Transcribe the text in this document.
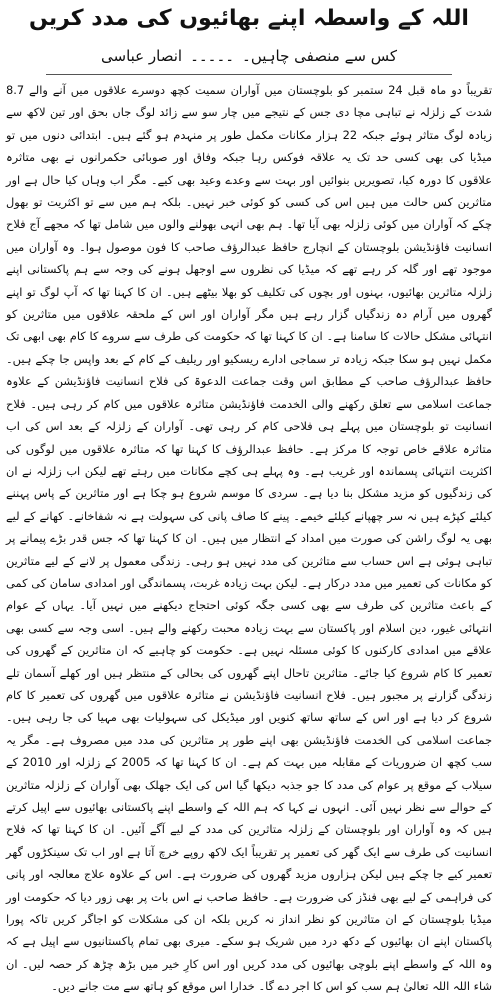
اللہ کے واسطہ اپنے بھائیوں کی مدد کریں
کس سے منصفی چاہیں۔
۔۔۔۔۔
انصار عباسی

تقریباً دو ماہ قبل 24 ستمبر کو بلوچستان میں آواران سمیت کچھ دوسرے علاقوں میں آنے والے 8.7 شدت کے زلزلہ نے تباہی مچا دی جس کے نتیجے میں چار سو سے زائد لوگ جاں بحق اور تین لاکھ سے زیادہ لوگ متاثر ہوئے جبکہ 22 ہزار مکانات مکمل طور پر منہدم ہو گئے ہیں۔ ابتدائی دنوں میں تو میڈیا کی بھی کسی حد تک یہ علاقہ فوکس رہا جبکہ وفاق اور صوبائی حکمرانوں نے بھی متاثرہ علاقوں کا دورہ کیا، تصویریں بنوائیں اور بہت سے وعدے وعید بھی کیے۔ مگر اب وہاں کیا حال ہے اور متاثرین کس حالت میں ہیں اس کی کسی کو کوئی خبر نہیں۔ بلکہ ہم میں سے تو اکثریت تو بھول چکے کہ آواران میں کوئی زلزلہ بھی آیا تھا۔ ہم بھی انہی بھولنے والوں میں شامل تھا کہ مجھے آج فلاح انسانیت فاؤنڈیشن بلوچستان کے انچارج حافظ عبدالرؤف صاحب کا فون موصول ہوا۔ وہ آواران میں موجود تھے اور گلہ کر رہے تھے کہ میڈیا کی نظروں سے اوجھل ہونے کی وجہ سے ہم پاکستانی اپنے زلزلہ متاثرین بھائیوں، بہنوں اور بچوں کی تکلیف کو بھلا بیٹھے ہیں۔ ان کا کہنا تھا کہ آپ لوگ تو اپنے گھروں میں آرام دہ زندگیاں گزار رہے ہیں مگر آواران اور اس کے ملحقہ علاقوں میں متاثرین کو انتہائی مشکل حالات کا سامنا ہے۔ ان کا کہنا تھا کہ حکومت کی طرف سے سروے کا کام بھی ابھی تک مکمل نہیں ہو سکا جبکہ زیادہ تر سماجی ادارے ریسکیو اور ریلیف کے کام کے بعد واپس جا چکے ہیں۔ حافظ عبدالرؤف صاحب کے مطابق اس وقت جماعت الدعوۃ کی فلاح انسانیت فاؤنڈیشن کے علاوہ جماعت اسلامی سے تعلق رکھنے والی الخدمت فاؤنڈیشن متاثرہ علاقوں میں کام کر رہی ہیں۔ فلاح انسانیت تو بلوچستان میں پہلے ہی فلاحی کام کر رہی تھی۔ آواران کے زلزلہ کے بعد اس کی اب متاثرہ علاقے خاص توجہ کا مرکز ہے۔ حافظ عبدالرؤف کا کہنا تھا کہ متاثرہ علاقوں میں لوگوں کی اکثریت انتہائی پسماندہ اور غریب ہے۔ وہ پہلے ہی کچے مکانات میں رہتے تھے لیکن اب زلزلہ نے ان کی زندگیوں کو مزید مشکل بنا دیا ہے۔ سردی کا موسم شروع ہو چکا ہے اور متاثرین کے پاس پہننے کیلئے کپڑے ہیں نہ سر چھپانے کیلئے خیمے۔ پینے کا صاف پانی کی سہولت ہے نہ شفاخانے۔ کھانے کے لیے بھی یہ لوگ راشن کی صورت میں امداد کے انتظار میں ہیں۔ ان کا کہنا تھا کہ جس قدر بڑے پیمانے پر تباہی ہوئی ہے اس حساب سے متاثرین کی مدد نہیں ہو رہی۔ زندگی معمول پر لانے کے لیے متاثرین کو مکانات کی تعمیر میں مدد درکار ہے۔ لیکن بہت زیادہ غربت، پسماندگی اور امدادی سامان کی کمی کے باعث متاثرین کی طرف سے بھی کسی جگہ کوئی احتجاج دیکھنے میں نہیں آیا۔ یہاں کے عوام انتہائی غیور، دین اسلام اور پاکستان سے بہت زیادہ محبت رکھنے والے ہیں۔ اسی وجہ سے کسی بھی علاقے میں امدادی کارکنوں کا کوئی مسئلہ نہیں ہے۔ حکومت کو چاہیے کہ ان متاثرین کے گھروں کی تعمیر کا کام شروع کیا جائے۔ متاثرین تاحال اپنے گھروں کی بحالی کے منتظر ہیں اور کھلے آسمان تلے زندگی گزارنے پر مجبور ہیں۔ فلاح انسانیت فاؤنڈیشن نے متاثرہ علاقوں میں گھروں کی تعمیر کا کام شروع کر دیا ہے اور اس کے ساتھ ساتھ کنویں اور میڈیکل کی سہولیات بھی مہیا کی جا رہی ہیں۔ جماعت اسلامی کی الخدمت فاؤنڈیشن بھی اپنے طور پر متاثرین کی مدد میں مصروف ہے۔ مگر یہ سب کچھ ان ضروریات کے مقابلہ میں بہت کم ہے۔ ان کا کہنا تھا کہ 2005 کے زلزلہ اور 2010 کے سیلاب کے موقع پر عوام کی مدد کا جو جذبہ دیکھا گیا اس کی ایک جھلک بھی آواران کے زلزلہ متاثرین کے حوالے سے نظر نہیں آئی۔ انہوں نے کہا کہ ہم اللہ کے واسطے اپنے پاکستانی بھائیوں سے اپیل کرتے ہیں کہ وہ آواران اور بلوچستان کے زلزلہ متاثرین کی مدد کے لیے آگے آئیں۔ ان کا کہنا تھا کہ فلاح انسانیت کی طرف سے ایک گھر کی تعمیر پر تقریباً ایک لاکھ روپے خرچ آتا ہے اور اب تک سینکڑوں گھر تعمیر کیے جا چکے ہیں لیکن ہزاروں مزید گھروں کی ضرورت ہے۔ اس کے علاوہ علاج معالجہ اور پانی کی فراہمی کے لیے بھی فنڈز کی ضرورت ہے۔ حافظ صاحب نے اس بات پر بھی زور دیا کہ حکومت اور میڈیا بلوچستان کے ان متاثرین کو نظر انداز نہ کریں بلکہ ان کی مشکلات کو اجاگر کریں تاکہ پورا پاکستان اپنے ان بھائیوں کے دکھ درد میں شریک ہو سکے۔ میری بھی تمام پاکستانیوں سے اپیل ہے کہ وہ اللہ کے واسطے اپنے بلوچی بھائیوں کی مدد کریں اور اس کارِ خیر میں بڑھ چڑھ کر حصہ لیں۔ ان شاء اللہ اللہ تعالیٰ ہم سب کو اس کا اجر دے گا۔ خدارا اس موقع کو ہاتھ سے مت جانے دیں۔
